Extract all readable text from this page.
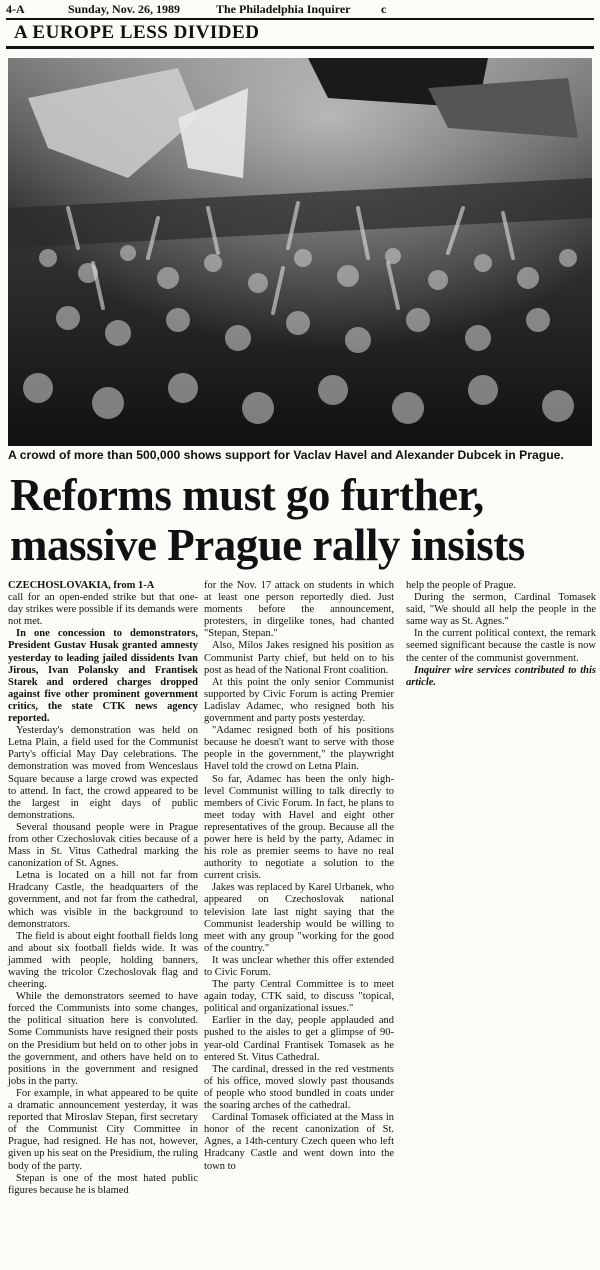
4-A	Sunday, Nov. 26, 1989	The Philadelphia Inquirer	c
A EUROPE LESS DIVIDED
Associated Press
A crowd of more than 500,000 shows support for Vaclav Havel and Alexander Dubcek in Prague.
Reforms must go further,
massive Prague rally insists

CZECHOSLOVAKIA, from 1-A
call for an open-ended strike but that one-day strikes were possible if its demands were not met.

In one concession to demonstrators, President Gustav Husak granted amnesty yesterday to leading jailed dissidents Ivan Jirous, Ivan Polansky and Frantisek Starek and ordered charges dropped against five other prominent government critics, the state CTK news agency reported.

Yesterday's demonstration was held on Letna Plain, a field used for the Communist Party's official May Day celebrations. The demonstration was moved from Wenceslaus Square because a large crowd was expected to attend. In fact, the crowd appeared to be the largest in eight days of public demonstrations.

Several thousand people were in Prague from other Czechoslovak cities because of a Mass in St. Vitus Cathedral marking the canonization of St. Agnes.

Letna is located on a hill not far from Hradcany Castle, the headquarters of the government, and not far from the cathedral, which was visible in the background to demonstrators.

The field is about eight football fields long and about six football fields wide. It was jammed with people, holding banners, waving the tricolor Czechoslovak flag and cheering.

While the demonstrators seemed to have forced the Communists into some changes, the political situation here is convoluted. Some Communists have resigned their posts on the Presidium but held on to other jobs in the government, and others have held on to positions in the government and resigned jobs in the party.

For example, in what appeared to be quite a dramatic announcement yesterday, it was reported that Miroslav Stepan, first secretary of the Communist City Committee in Prague, had resigned. He has not, however, given up his seat on the Presidium, the ruling body of the party.

Stepan is one of the most hated public figures because he is blamed

for the Nov. 17 attack on students in which at least one person reportedly died. Just moments before the announcement, protesters, in dirgelike tones, had chanted "Stepan, Stepan."

Also, Milos Jakes resigned his position as Communist Party chief, but held on to his post as head of the National Front coalition.

At this point the only senior Communist supported by Civic Forum is acting Premier Ladislav Adamec, who resigned both his government and party posts yesterday.

"Adamec resigned both of his positions because he doesn't want to serve with those people in the government," the playwright Havel told the crowd on Letna Plain.

So far, Adamec has been the only high-level Communist willing to talk directly to members of Civic Forum. In fact, he plans to meet today with Havel and eight other representatives of the group. Because all the power here is held by the party, Adamec in his role as premier seems to have no real authority to negotiate a solution to the current crisis.

Jakes was replaced by Karel Urbanek, who appeared on Czechoslovak national television late last night saying that the Communist leadership would be willing to meet with any group "working for the good of the country."

It was unclear whether this offer extended to Civic Forum.

The party Central Committee is to meet again today, CTK said, to discuss "topical, political and organizational issues."

Earlier in the day, people applauded and pushed to the aisles to get a glimpse of 90-year-old Cardinal Frantisek Tomasek as he entered St. Vitus Cathedral.

The cardinal, dressed in the red vestments of his office, moved slowly past thousands of people who stood bundled in coats under the soaring arches of the cathedral.

Cardinal Tomasek officiated at the Mass in honor of the recent canonization of St. Agnes, a 14th-century Czech queen who left Hradcany Castle and went down into the town to

help the people of Prague.

During the sermon, Cardinal Tomasek said, "We should all help the people in the same way as St. Agnes."

In the current political context, the remark seemed significant because the castle is now the center of the communist government.

Inquirer wire services contributed to this article.
